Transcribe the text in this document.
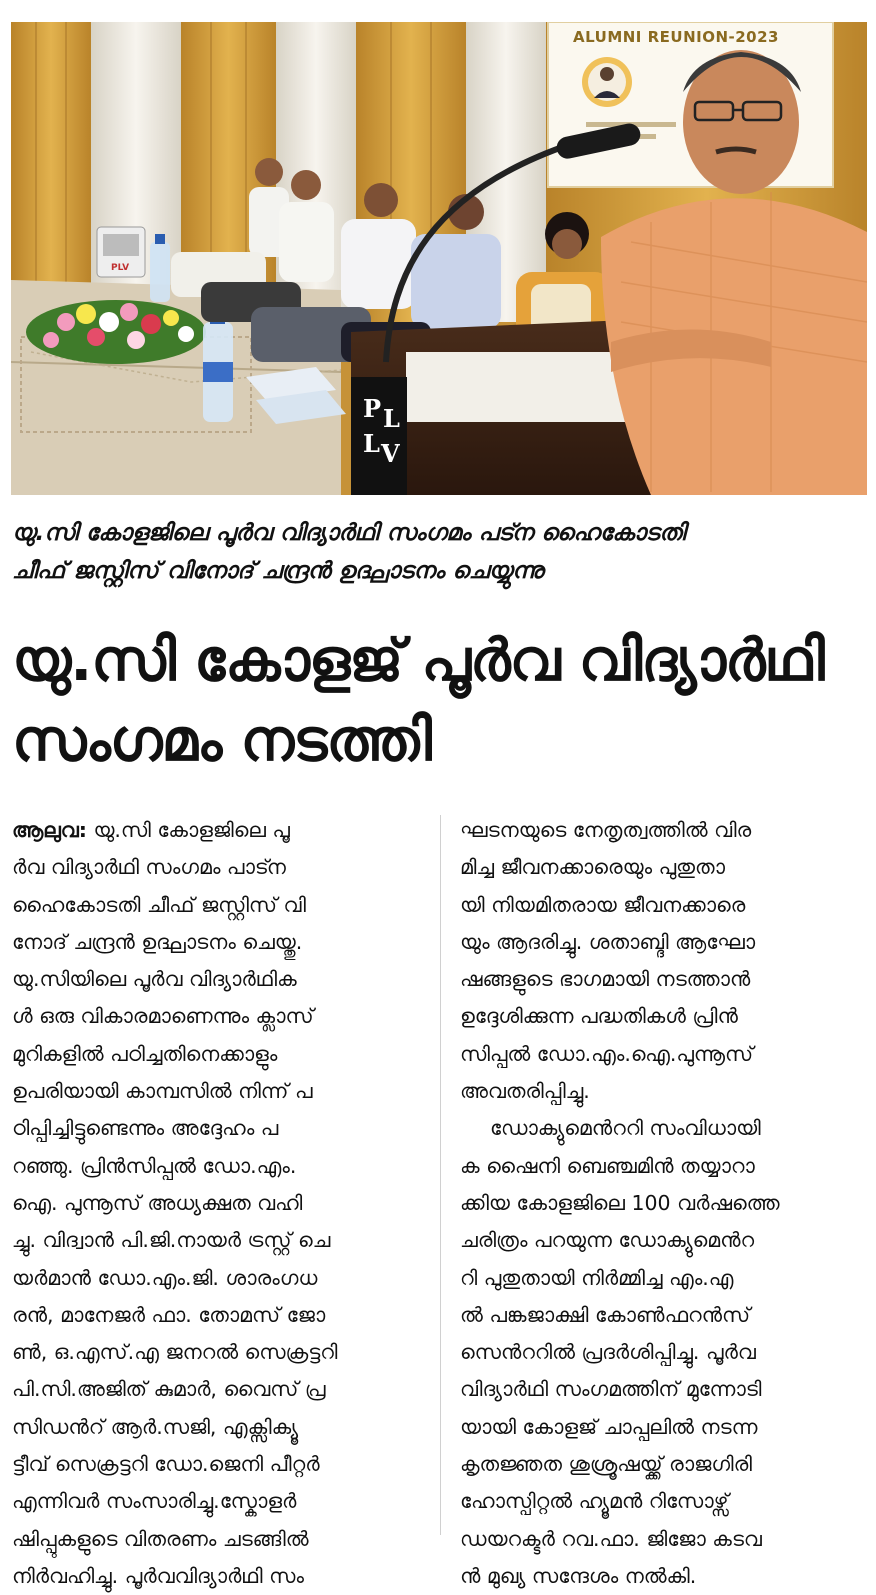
ALUMNI REUNION-2023
PLV
P L
L V
യു.സി കോളജിലെ പൂർവ വിദ്യാർഥി സംഗമം പട്ന ഹൈകോടതി
ചീഫ് ജസ്റ്റിസ് വിനോദ് ചന്ദ്രൻ ഉദ്ഘാടനം ചെയ്യുന്നു
യു.സി കോളജ് പൂർവ വിദ്യാർഥി
സംഗമം നടത്തി
ആലുവ: യു.സി കോളജിലെ പൂ
ർവ വിദ്യാർഥി സംഗമം പാട്ന
ഹൈകോടതി ചീഫ് ജസ്റ്റിസ് വി
നോദ് ചന്ദ്രൻ ഉദ്ഘാടനം ചെയ്തു.
യു.സിയിലെ പൂർവ വിദ്യാർഥിക
ൾ ഒരു വികാരമാണെന്നും ക്ലാസ്
മുറികളിൽ പഠിച്ചതിനെക്കാളും
ഉപരിയായി കാമ്പസിൽ നിന്ന് പ
ഠിപ്പിച്ചിട്ടുണ്ടെന്നും അദ്ദേഹം പ
റഞ്ഞു. പ്രിൻസിപ്പൽ ഡോ.എം.
ഐ. പുന്നൂസ് അധ്യക്ഷത വഹി
ച്ചു. വിദ്വാൻ പി.ജി.നായർ ട്രസ്റ്റ് ചെ
യർമാൻ ഡോ.എം.ജി. ശാരംഗധ
രൻ, മാനേജർ ഫാ. തോമസ് ജോ
ൺ, ഒ.എസ്.എ ജനറൽ സെക്രട്ടറി
പി.സി.അജിത് കുമാർ, വൈസ് പ്ര
സിഡൻറ് ആർ.സജി, എക്സിക്യൂ
ട്ടീവ് സെക്രട്ടറി ഡോ.ജെനി പീറ്റർ
എന്നിവർ സംസാരിച്ചു.സ്കോളർ
ഷിപ്പുകളുടെ വിതരണം ചടങ്ങിൽ
നിർവഹിച്ചു. പൂർവവിദ്യാർഥി സം
ഘടനയുടെ നേതൃത്വത്തിൽ വിര
മിച്ച ജീവനക്കാരെയും പുതുതാ
യി നിയമിതരായ ജീവനക്കാരെ
യും ആദരിച്ചു. ശതാബ്ദി ആഘോ
ഷങ്ങളുടെ ഭാഗമായി നടത്താൻ
ഉദ്ദേശിക്കുന്ന പദ്ധതികൾ പ്രിൻ
സിപ്പൽ ഡോ.എം.ഐ.പുന്നൂസ്
അവതരിപ്പിച്ചു.
ഡോക്യുമെൻററി സംവിധായി
ക ഷൈനി ബെഞ്ചമിൻ തയ്യാറാ
ക്കിയ കോളജിലെ 100 വർഷത്തെ
ചരിത്രം പറയുന്ന ഡോക്യുമെൻറ
റി പുതുതായി നിർമ്മിച്ച എം.എ
ൽ പങ്കജാക്ഷി കോൺഫറൻസ്
സെൻററിൽ പ്രദർശിപ്പിച്ചു. പൂർവ
വിദ്യാർഥി സംഗമത്തിന് മുന്നോടി
യായി കോളജ് ചാപ്പലിൽ നടന്ന
കൃതജ്ഞത ശുശ്രൂഷയ്ക്ക് രാജഗിരി
ഹോസ്പിറ്റൽ ഹ്യൂമൻ റിസോഴ്സ്
ഡയറക്ടർ റവ.ഫാ. ജിജോ കടവ
ൻ മുഖ്യ സന്ദേശം നൽകി.
